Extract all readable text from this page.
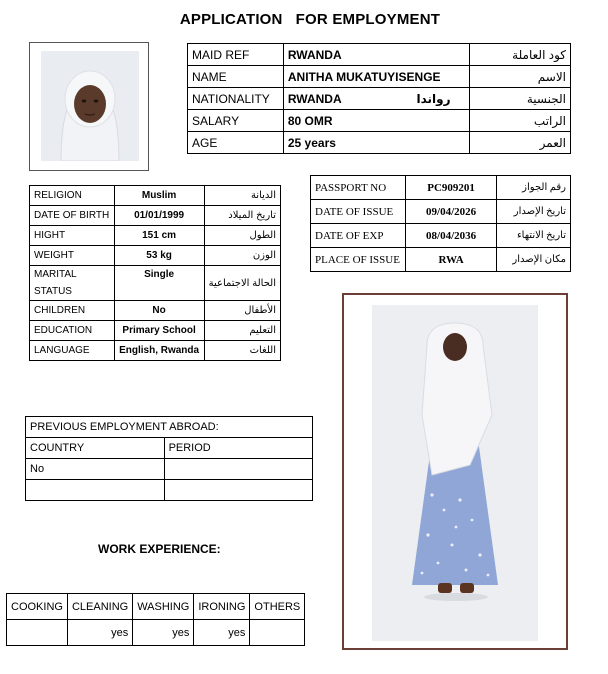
APPLICATION   FOR EMPLOYMENT
MAID REF	RWANDA	كود العاملة
NAME	ANITHA MUKATUYISENGE	الاسم
NATIONALITY	RWANDA رواندا	الجنسية
SALARY	80 OMR	الراتب
AGE	25 years	العمر
RELIGION	Muslim	الديانة
DATE OF BIRTH	01/01/1999	تاريخ الميلاد
HIGHT	151 cm	الطول
WEIGHT	53 kg	الوزن

MARITAL
STATUS	Single	الحالة الاجتماعية
CHILDREN	No	الأطفال
EDUCATION	Primary School	التعليم
LANGUAGE	English, Rwanda	اللغات
PASSPORT NO	PC909201	رقم الجواز
DATE OF ISSUE	09/04/2026	تاريخ الإصدار
DATE OF EXP	08/04/2036	تاريخ الانتهاء
PLACE OF ISSUE	RWA	مكان الإصدار
PREVIOUS EMPLOYMENT ABROAD:	
COUNTRY	PERIOD
No	

WORK EXPERIENCE:
COOKING	CLEANING	WASHING	IRONING	OTHERS
	yes	yes	yes	
